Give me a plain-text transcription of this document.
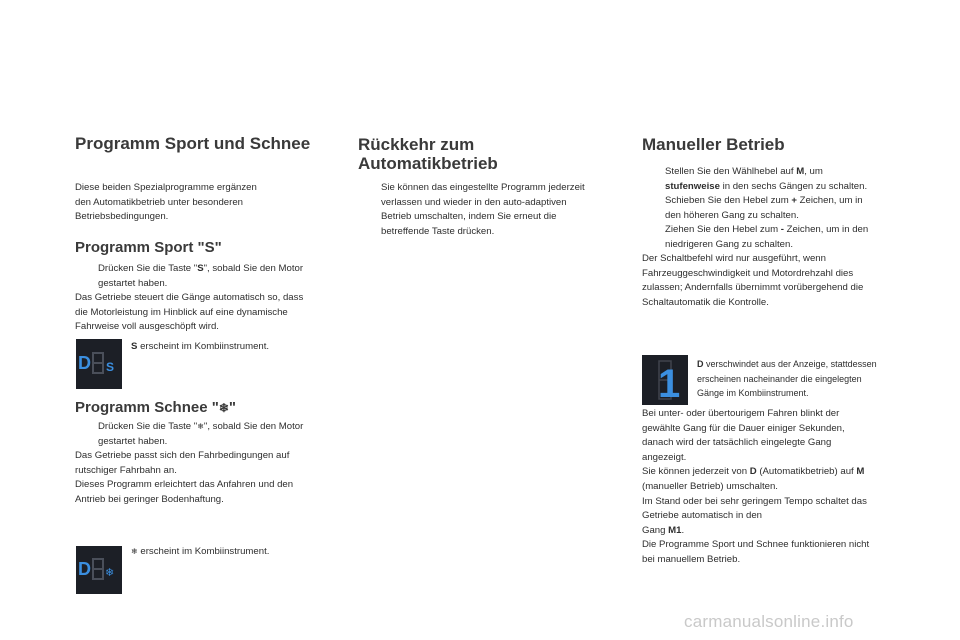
Programm Sport und Schnee
Diese beiden Spezialprogramme ergänzen
den Automatikbetrieb unter besonderen
Betriebsbedingungen.
Programm Sport "S"
Drücken Sie die Taste "S", sobald Sie den Motor
gestartet haben.
Das Getriebe steuert die Gänge automatisch so, dass
die Motorleistung im Hinblick auf eine dynamische
Fahrweise voll ausgeschöpft wird.
D S
S erscheint im Kombiinstrument.
Programm Schnee "❄"
Drücken Sie die Taste "❄", sobald Sie den Motor
gestartet haben.
Das Getriebe passt sich den Fahrbedingungen auf
rutschiger Fahrbahn an.
Dieses Programm erleichtert das Anfahren und den
Antrieb bei geringer Bodenhaftung.
D ❄
❄ erscheint im Kombiinstrument.
Rückkehr zum
Automatikbetrieb
Sie können das eingestellte Programm jederzeit
verlassen und wieder in den auto-adaptiven
Betrieb umschalten, indem Sie erneut die
betreffende Taste drücken.
Manueller Betrieb
Stellen Sie den Wählhebel auf M, um
stufenweise in den sechs Gängen zu schalten.
Schieben Sie den Hebel zum + Zeichen, um in
den höheren Gang zu schalten.
Ziehen Sie den Hebel zum - Zeichen, um in den
niedrigeren Gang zu schalten.
Der Schaltbefehl wird nur ausgeführt, wenn
Fahrzeuggeschwindigkeit und Motordrehzahl dies
zulassen; Andernfalls übernimmt vorübergehend die
Schaltautomatik die Kontrolle.
1 D verschwindet aus der Anzeige, stattdessen
erscheinen nacheinander die eingelegten
Gänge im Kombiinstrument.
Bei unter- oder übertourigem Fahren blinkt der
gewählte Gang für die Dauer einiger Sekunden,
danach wird der tatsächlich eingelegte Gang
angezeigt.
Sie können jederzeit von D (Automatikbetrieb) auf M
(manueller Betrieb) umschalten.
Im Stand oder bei sehr geringem Tempo schaltet das
Getriebe automatisch in den
Gang M1.
Die Programme Sport und Schnee funktionieren nicht
bei manuellem Betrieb.
carmanualsonline.info
